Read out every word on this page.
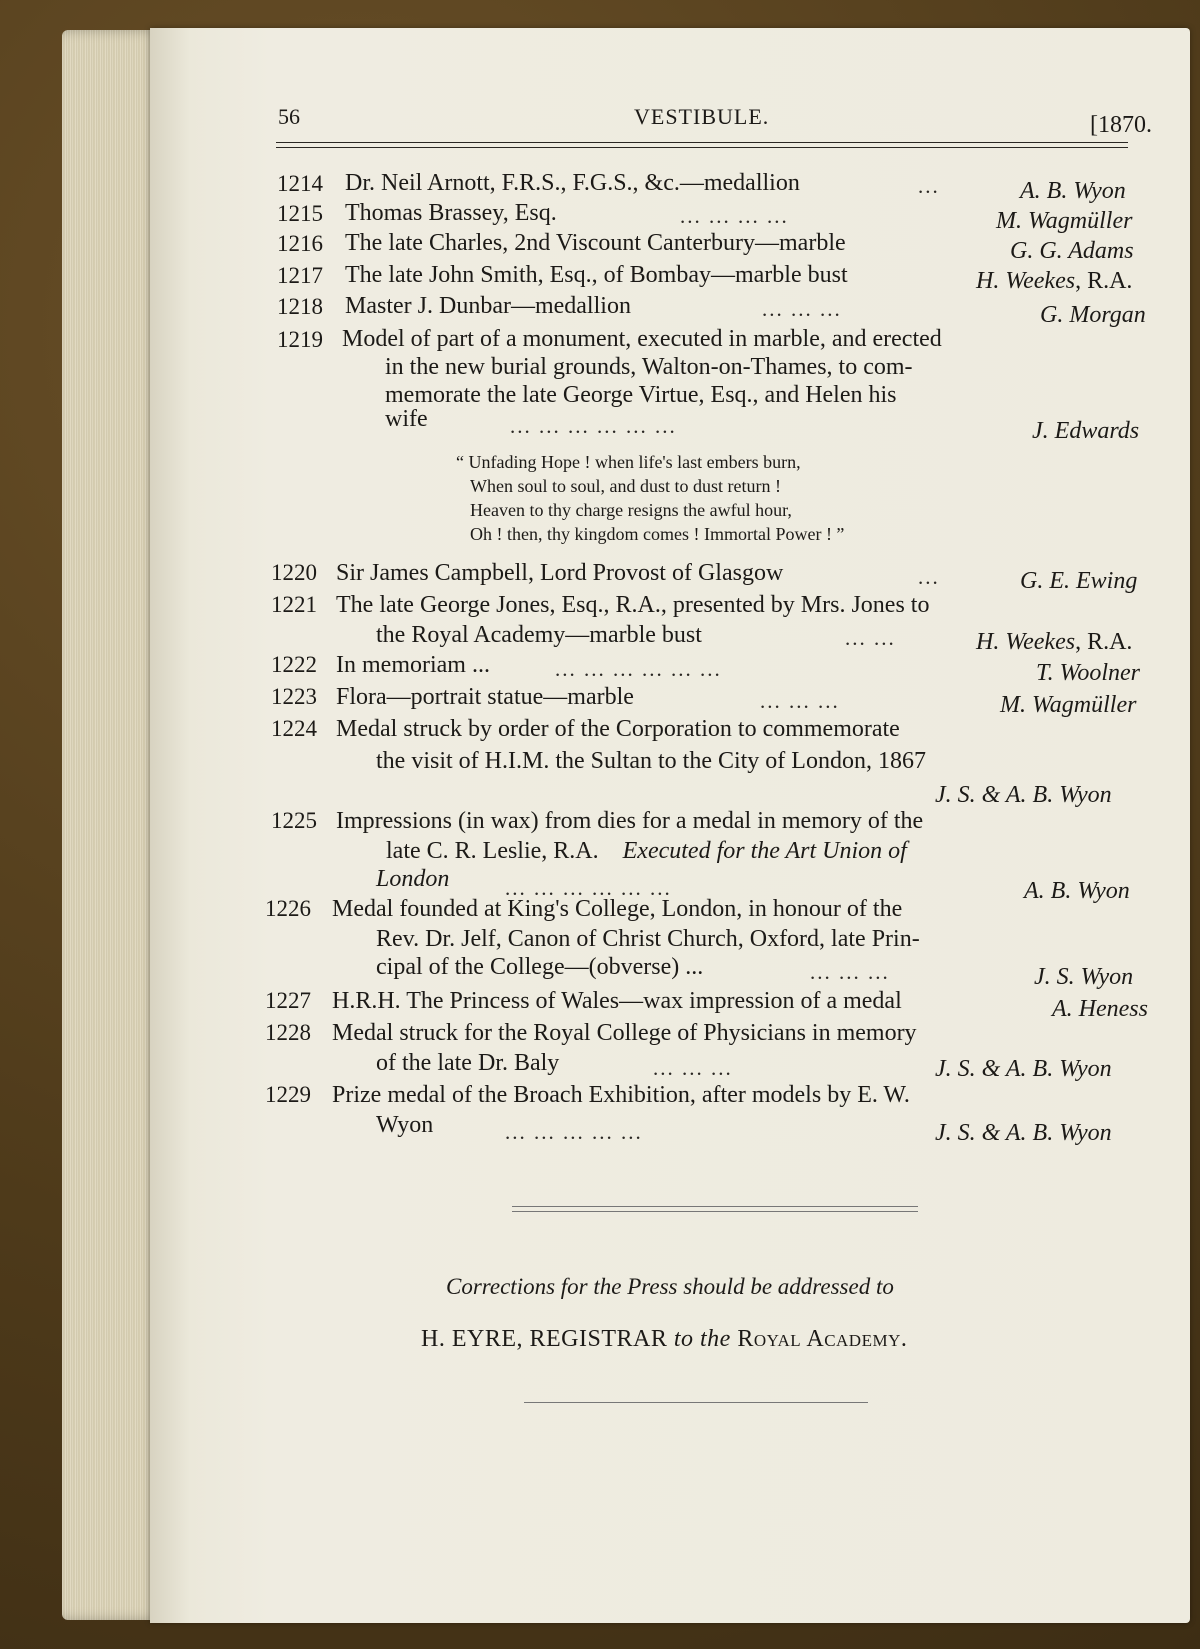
56	VESTIBULE.	[1870.
1214 Dr. Neil Arnott, F.R.S., F.G.S., &c.—medallion	...	A. B. Wyon
1215 Thomas Brassey, Esq.	... ... ... ...	M. Wagmüller
1216 The late Charles, 2nd Viscount Canterbury—marble	G. G. Adams
1217 The late John Smith, Esq., of Bombay—marble bust	H. Weekes, R.A.
1218 Master J. Dunbar—medallion	... ... ...	G. Morgan
1219 Model of part of a monument, executed in marble, and erected
in the new burial grounds, Walton-on-Thames, to com-
memorate the late George Virtue, Esq., and Helen his
wife	... ... ... ... ... ...	J. Edwards
“ Unfading Hope ! when life's last embers burn,
When soul to soul, and dust to dust return !
Heaven to thy charge resigns the awful hour,
Oh ! then, thy kingdom comes ! Immortal Power ! ”
1220 Sir James Campbell, Lord Provost of Glasgow	...	G. E. Ewing
1221 The late George Jones, Esq., R.A., presented by Mrs. Jones to
the Royal Academy—marble bust	... ...	H. Weekes, R.A.
1222 In memoriam ...	... ... ... ... ... ...	T. Woolner
1223 Flora—portrait statue—marble	... ... ...	M. Wagmüller
1224 Medal struck by order of the Corporation to commemorate
the visit of H.I.M. the Sultan to the City of London, 1867
J. S. & A. B. Wyon
1225 Impressions (in wax) from dies for a medal in memory of the
late C. R. Leslie, R.A. Executed for the Art Union of
London	... ... ... ... ... ...	A. B. Wyon
1226 Medal founded at King's College, London, in honour of the
Rev. Dr. Jelf, Canon of Christ Church, Oxford, late Prin-
cipal of the College—(obverse) ...	... ... ...	J. S. Wyon
1227 H.R.H. The Princess of Wales—wax impression of a medal	A. Heness
1228 Medal struck for the Royal College of Physicians in memory
of the late Dr. Baly	... ... ...	J. S. & A. B. Wyon
1229 Prize medal of the Broach Exhibition, after models by E. W.
Wyon	... ... ... ... ...	J. S. & A. B. Wyon
Corrections for the Press should be addressed to
H. EYRE, REGISTRAR to the Royal Academy.
